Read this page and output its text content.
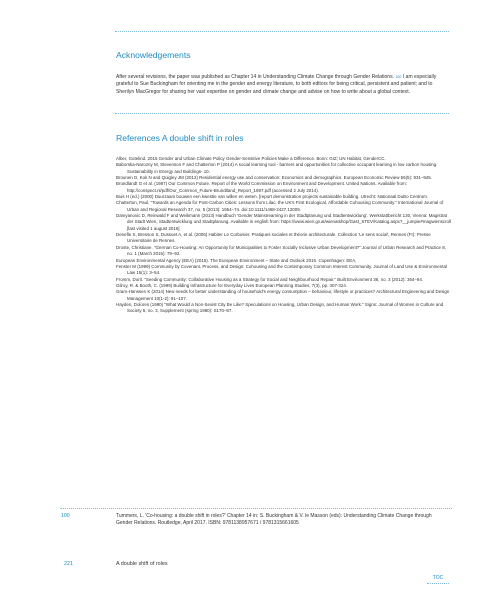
Acknowledgements

After several revisions, the paper was published as Chapter 14 in Understanding Climate Change through Gender Relations. $^{100}$ I am especially grateful to Sue Buckingham for orienting me in the gender and energy literature, to both editors for being critical, persistent and patient; and to Sherilyn MacGregor for sharing her vast expertise on gender and climate change and advise on how to write about a global context.

References A double shift in roles
Alber, Gotelind. 2015 Gender and Urban Climate Policy Gender-Sensitive Policies Make a Difference. Bonn: GIZ; UN Habitat, GenderCC.
Baborska-Narozny M, Stevenson F and Chatterton P (2014) A social learning tool - barriers and opportunities for collective occupant learning in low carbon housing. Sustainability in Energy and Buildings- 10.
Brounen D, Kok N and Quigley JM (2012) Residential energy use and conservation: Economics and demographics. European Economic Review 56(5): 931–945.
Brundlandt G et al. (1987) Our Common Future. Report of the World Commission on Environment and Development. United Nations. Available from: http://conspect.nl/pdf/Our_Common_Future-Brundtland_Report_1987.pdf (accessed 2 July 2014).
Buis H (ed.) (2000) Duurzaam bouwen een kwestie van willen en weten. [report demonstration projects sustainable building. Utrecht: Nationaal DuBo Centrum.
Chatterton, Paul. "Towards an Agenda for Post-Carbon Cities: Lessons from Lilac, the UK's First Ecological, Affordable Cohousing Community." International Journal of Urban and Regional Research 37, no. 5 (2013): 1654–74. doi:10.1111/1468-2427.12009.
Damyanovic D, Reinwald F and Weikmann (2013) Handbuch 'Gender Mainstreaming in der Stadtplanung und Stadtentwicklung'. Werkstattbericht 130, Vienna: Magistrat der Stadt Wien, Stadtentwicklung und Stadtplanung. Available in english from: https://www.wien.gv.at/wienatshop/Gast_STEV/Katalog.aspx?__jumpie#magwienscroll [last visited 1 august 2016]
Denefle S, Bresson S, Dussuet A, et al. (2006) Habiter Le Corbusier. Pratiques sociales et théorie architecturale. Collection 'Le sens social', Rennes (Fr): Presse Universitaire de Rennes.
Droste, Christiane. "German Co-Housing: An Opportunity for Municipalities to Foster Socially Inclusive Urban Development?" Journal of Urban Research and Practice 8, no. 1 (March 2015): 79–92.
European Environmental Agency (EEA) (2015). The European Environment – State and Outlook 2015. Copenhagen: EEA,
Fenster M (1999) Community by Covenant, Process, and Design: Cohousing and the Contemporary Common Interest Community. Journal of Land Use & Environmental Law 15(1): 3–54.
Fromm, Dorit. "Seeding Community: Collaborative Housing as a Strategy for Social and Neighbourhood Repair." Built Environment 38, no. 3 (2012): 364–94.
Gilroy, R. & Booth, C. (1999) Building Infrastructure for Everyday Lives European Planning Studies, 7(3), pp. 307-324.
Gram-Hanssen K (2014) New needs for better understanding of household's energy consumption – behaviour, lifestyle or practices? Architectural Engineering and Design Management 10(1-2): 91–107.
Hayden, Dolores (1980) "What Would a Non-Sexist City Be Like? Speculations on Housing, Urban Design, and Human Work." Signs: Journal of Women in Culture and Society 5, no. 3, Supplement (spring 1980): S170–87.
100	Tummers, L. 'Co-housing: a double shift in roles?' Chapter 14 in: S. Buckingham & V. le Masson (eds): Understanding Climate Change through Gender Relations. Routledge, April 2017. ISBN: 9781138957671 / 9781315661605

221	A double shift of roles
TOC
